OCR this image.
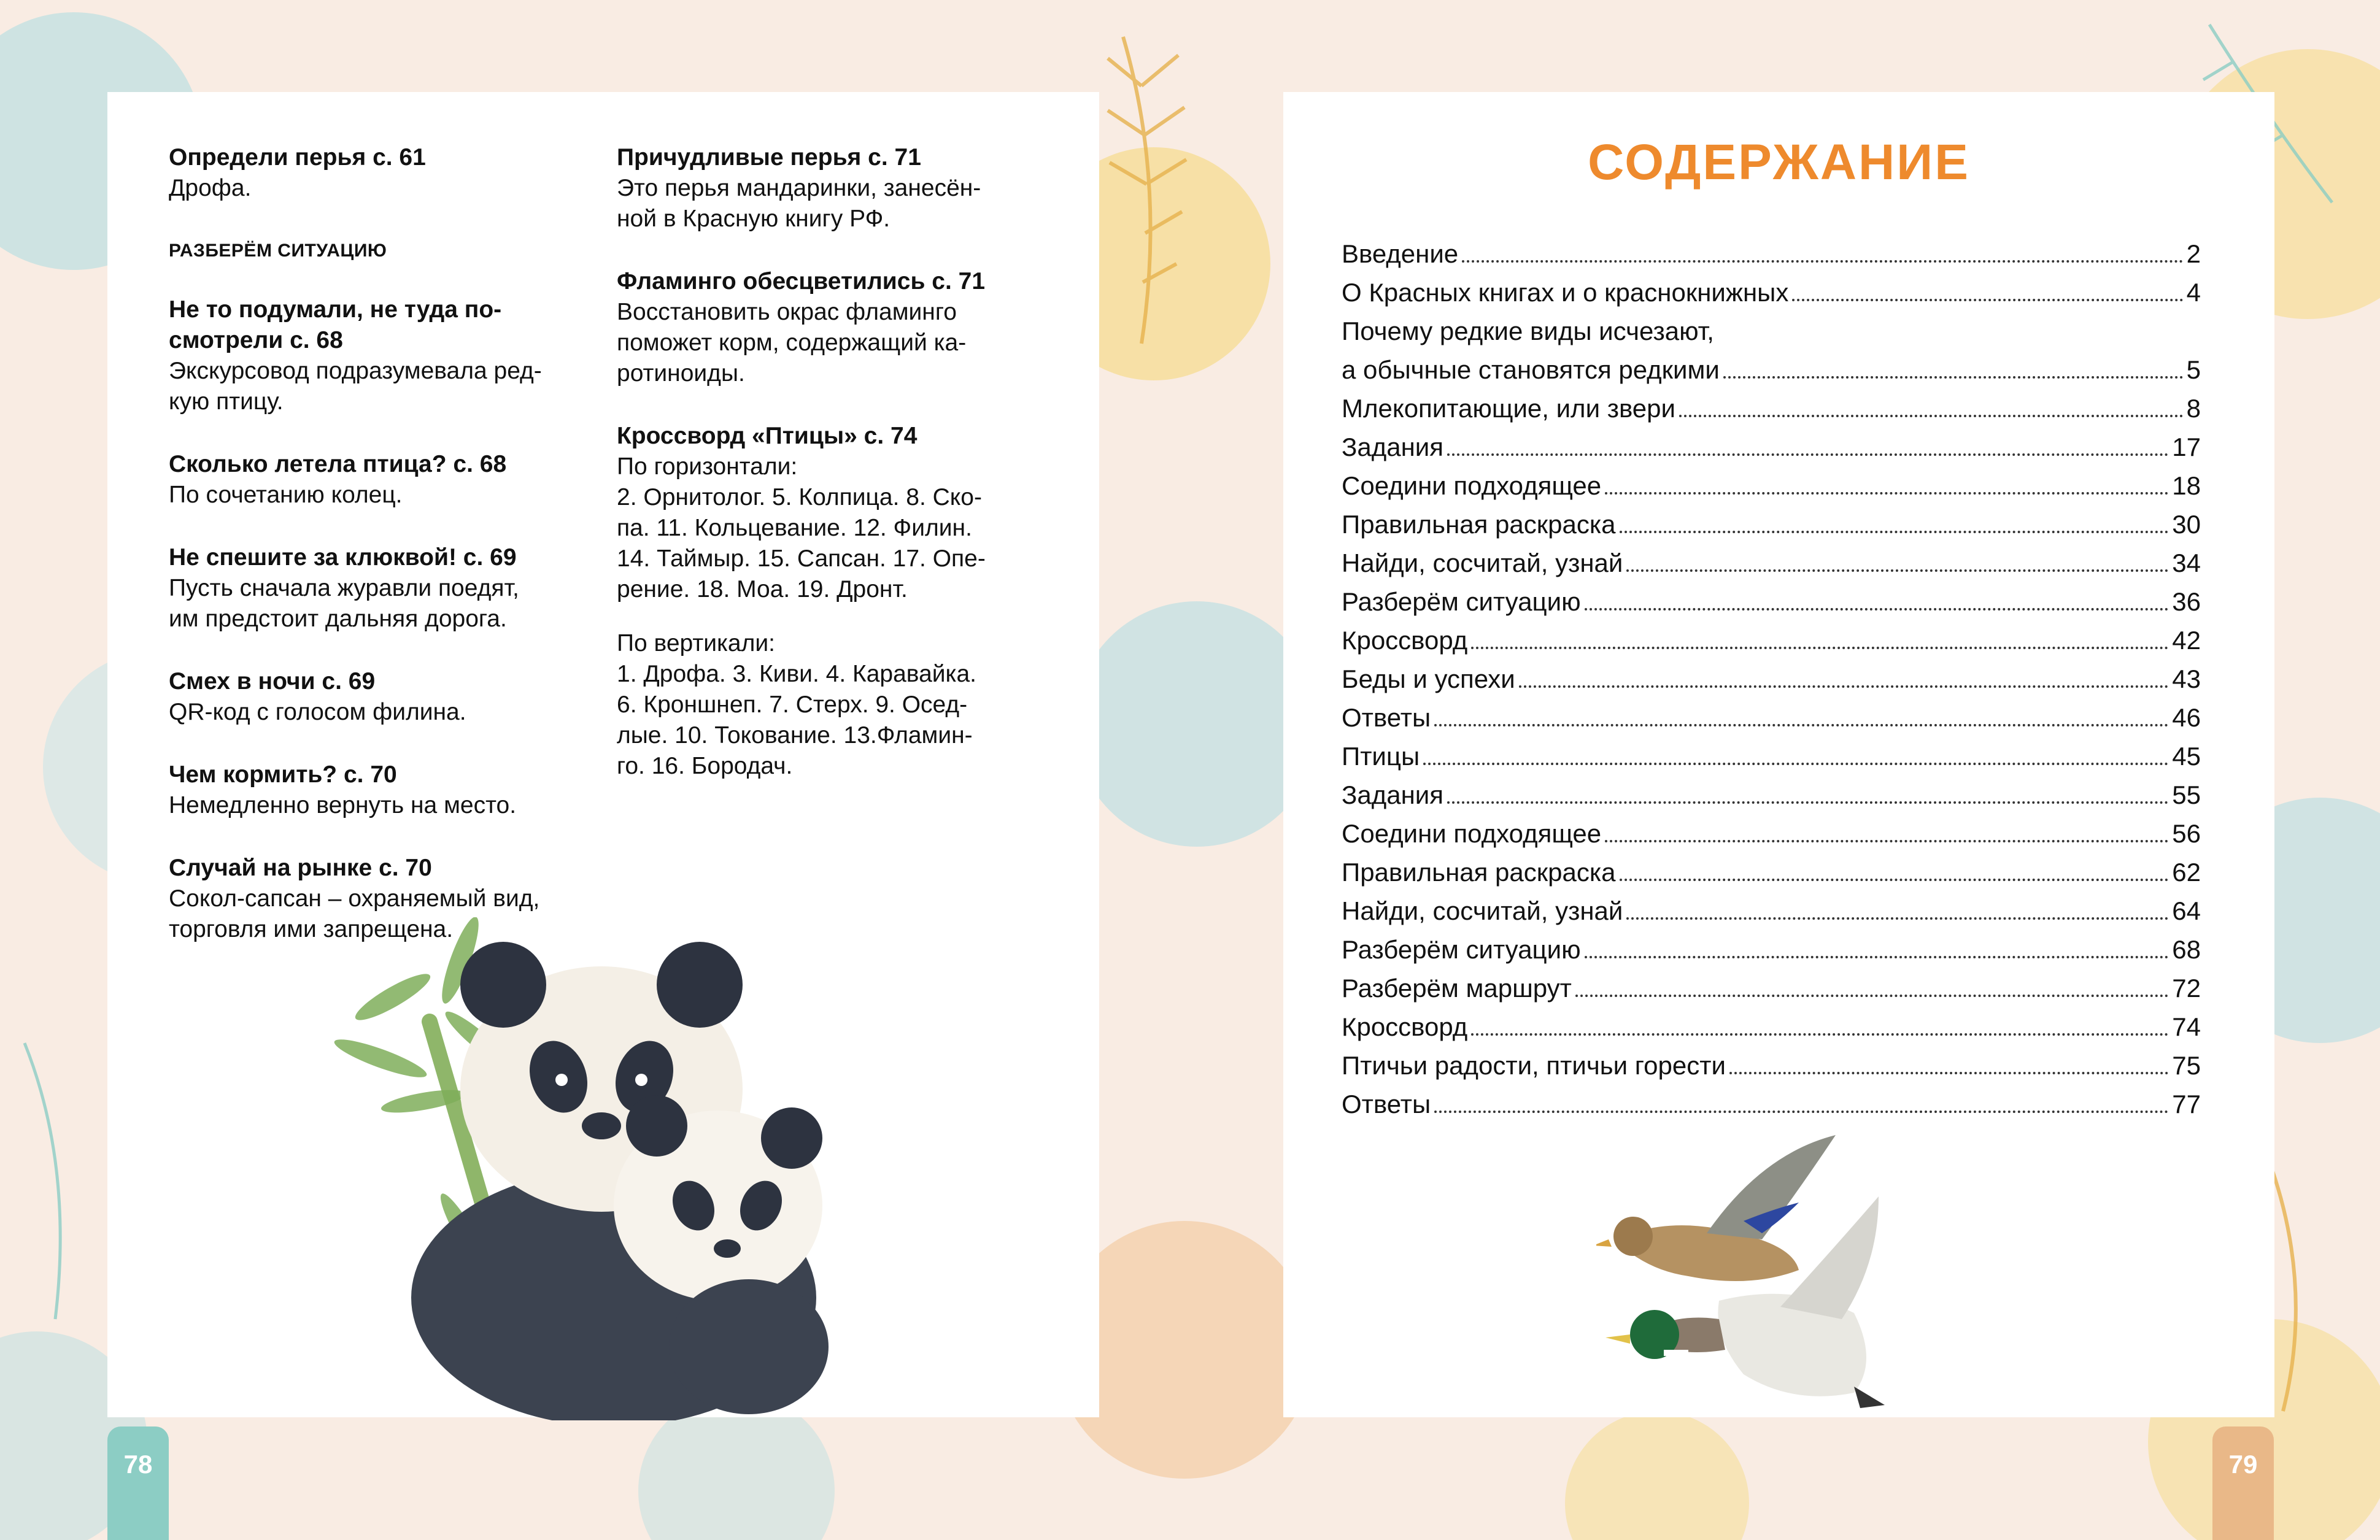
Определи перья с. 61
Дрофа.
РАЗБЕРЁМ СИТУАЦИЮ
Не то подумали, не туда по-
смотрели с. 68
Экскурсовод подразумевала ред-
кую птицу.
Сколько летела птица? с. 68
По сочетанию колец.
Не спешите за клюквой! с. 69
Пусть сначала журавли поедят,
им предстоит дальняя дорога.
Смех в ночи с. 69
QR-код с голосом филина.
Чем кормить? с. 70
Немедленно вернуть на место.
Случай на рынке с. 70
Сокол-сапсан – охраняемый вид,
торговля ими запрещена.
Причудливые перья с. 71
Это перья мандаринки, занесён-
ной в Красную книгу РФ.
Фламинго обесцветились с. 71
Восстановить окрас фламинго
поможет корм, содержащий ка-
ротиноиды.
Кроссворд «Птицы» с. 74
По горизонтали:
2. Орнитолог. 5. Колпица. 8. Ско-
па. 11. Кольцевание. 12. Филин.
14. Таймыр. 15. Сапсан. 17. Опе-
рение. 18. Моа. 19. Дронт.
По вертикали:
1. Дрофа. 3. Киви. 4. Каравайка.
6. Кроншнеп. 7. Стерх. 9. Осед-
лые. 10. Токование. 13.Фламин-
го. 16. Бородач.
78
СОДЕРЖАНИЕ
Введение	2
О Красных книгах и о краснокнижных	4
Почему редкие виды исчезают,
а обычные становятся редкими	5
Млекопитающие, или звери	8
Задания	17
Соедини подходящее	18
Правильная раскраска	30
Найди, сосчитай, узнай	34
Разберём ситуацию	36
Кроссворд	42
Беды и успехи	43
Ответы	46
Птицы	45
Задания	55
Соедини подходящее	56
Правильная раскраска	62
Найди, сосчитай, узнай	64
Разберём ситуацию	68
Разберём маршрут	72
Кроссворд	74
Птичьи радости, птичьи горести	75
Ответы	77
79
